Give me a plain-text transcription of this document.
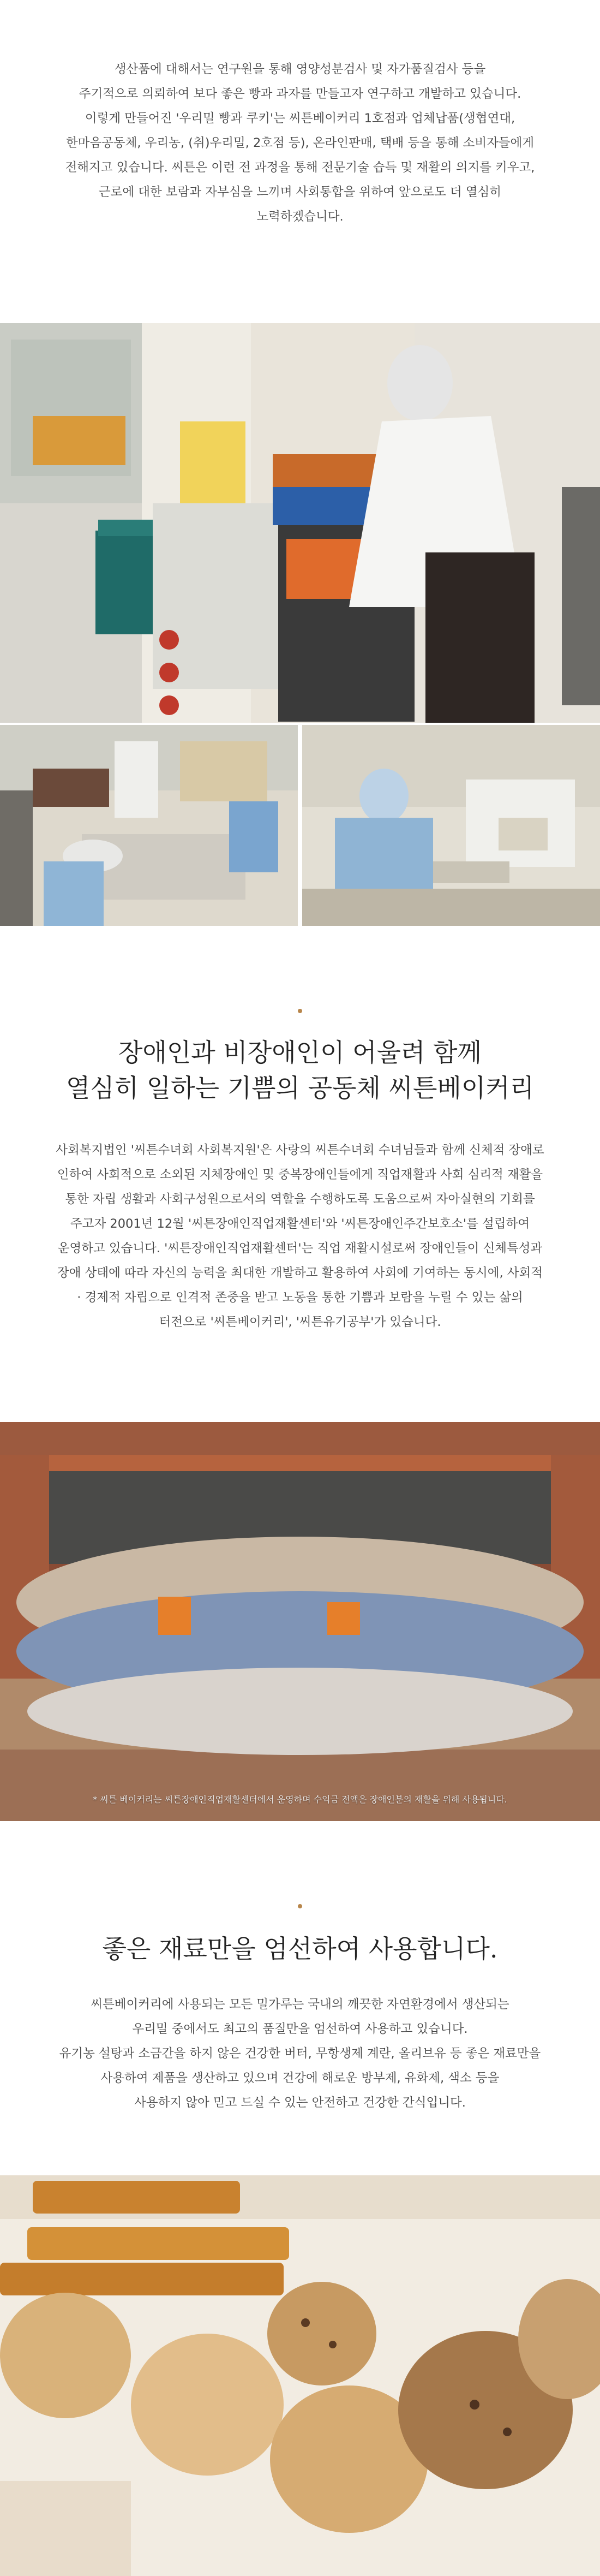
생산품에 대해서는 연구원을 통해 영양성분검사 및 자가품질검사 등을

주기적으로 의뢰하여 보다 좋은 빵과 과자를 만들고자 연구하고 개발하고 있습니다.

이렇게 만들어진 '우리밀 빵과 쿠키'는 씨튼베이커리 1호점과 업체납품(생협연대,

한마음공동체, 우리농, (취)우리밀, 2호점 등), 온라인판매, 택배 등을 통해 소비자들에게

전해지고 있습니다. 씨튼은 이런 전 과정을 통해 전문기술 습득 및 재활의 의지를 키우고,

근로에 대한 보람과 자부심을 느끼며 사회통합을 위하여 앞으로도 더 열심히

노력하겠습니다.

장애인과 비장애인이 어울려 함께
열심히 일하는 기쁨의 공동체 씨튼베이커리

사회복지법인 '씨튼수녀회 사회복지원'은 사랑의 씨튼수녀회 수녀님들과 함께 신체적 장애로

인하여 사회적으로 소외된 지체장애인 및 중복장애인들에게 직업재활과 사회 심리적 재활을

통한 자립 생활과 사회구성원으로서의 역할을 수행하도록 도움으로써 자아실현의 기회를

주고자 2001년 12월 '씨튼장애인직업재활센터'와 '씨튼장애인주간보호소'를 설립하여

운영하고 있습니다. '씨튼장애인직업재활센터'는 직업 재활시설로써 장애인들이 신체특성과

장애 상태에 따라 자신의 능력을 최대한 개발하고 활용하여 사회에 기여하는 동시에, 사회적

· 경제적 자립으로 인격적 존중을 받고 노동을 통한 기쁨과 보람을 누릴 수 있는 삶의

터전으로 '씨튼베이커리', '씨튼유기공부'가 있습니다.

* 씨튼 베이커리는 씨튼장애인직업재활센터에서 운영하며 수익금 전액은 장애인분의 재활을 위해 사용됩니다.
좋은 재료만을 엄선하여 사용합니다.

씨튼베이커리에 사용되는 모든 밀가루는 국내의 깨끗한 자연환경에서 생산되는

우리밀 중에서도 최고의 품질만을 엄선하여 사용하고 있습니다.

유기농 설탕과 소금간을 하지 않은 건강한 버터, 무항생제 계란, 올리브유 등 좋은 재료만을

사용하여 제품을 생산하고 있으며 건강에 해로운 방부제, 유화제, 색소 등을

사용하지 않아 믿고 드실 수 있는 안전하고 건강한 간식입니다.
